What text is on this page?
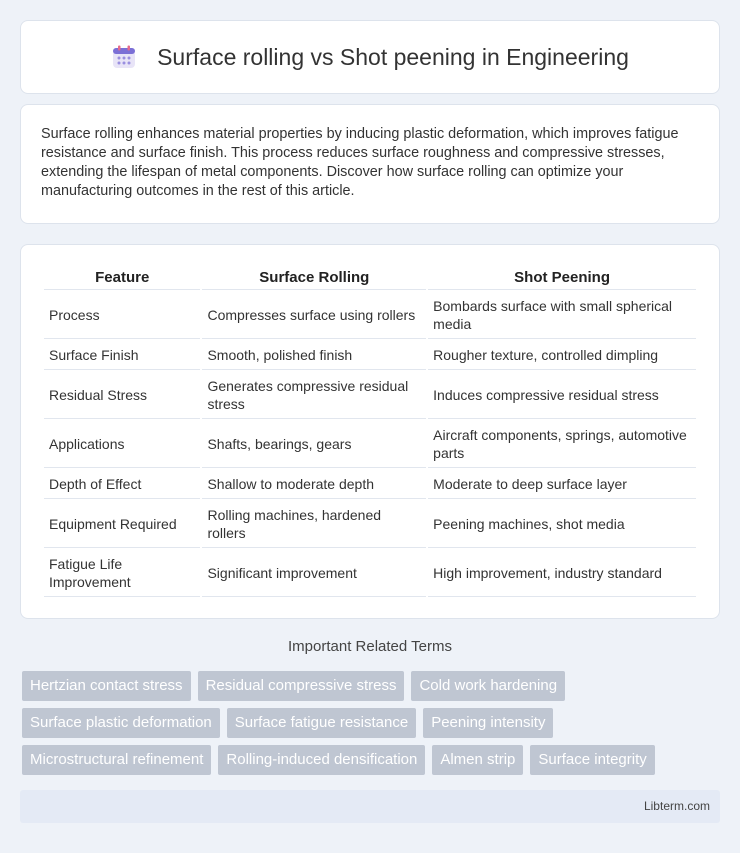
Surface rolling vs Shot peening in Engineering

Surface rolling enhances material properties by inducing plastic deformation, which improves fatigue resistance and surface finish. This process reduces surface roughness and compressive stresses, extending the lifespan of metal components. Discover how surface rolling can optimize your manufacturing outcomes in the rest of this article.

Feature	Surface Rolling	Shot Peening
Process	Compresses surface using rollers	Bombards surface with small spherical media
Surface Finish	Smooth, polished finish	Rougher texture, controlled dimpling
Residual Stress	Generates compressive residual stress	Induces compressive residual stress
Applications	Shafts, bearings, gears	Aircraft components, springs, automotive parts
Depth of Effect	Shallow to moderate depth	Moderate to deep surface layer
Equipment Required	Rolling machines, hardened rollers	Peening machines, shot media
Fatigue Life Improvement	Significant improvement	High improvement, industry standard
Important Related Terms
Hertzian contact stress	Residual compressive stress	Cold work hardening
Surface plastic deformation	Surface fatigue resistance	Peening intensity
Microstructural refinement	Rolling-induced densification	Almen strip	Surface integrity
Libterm.com
